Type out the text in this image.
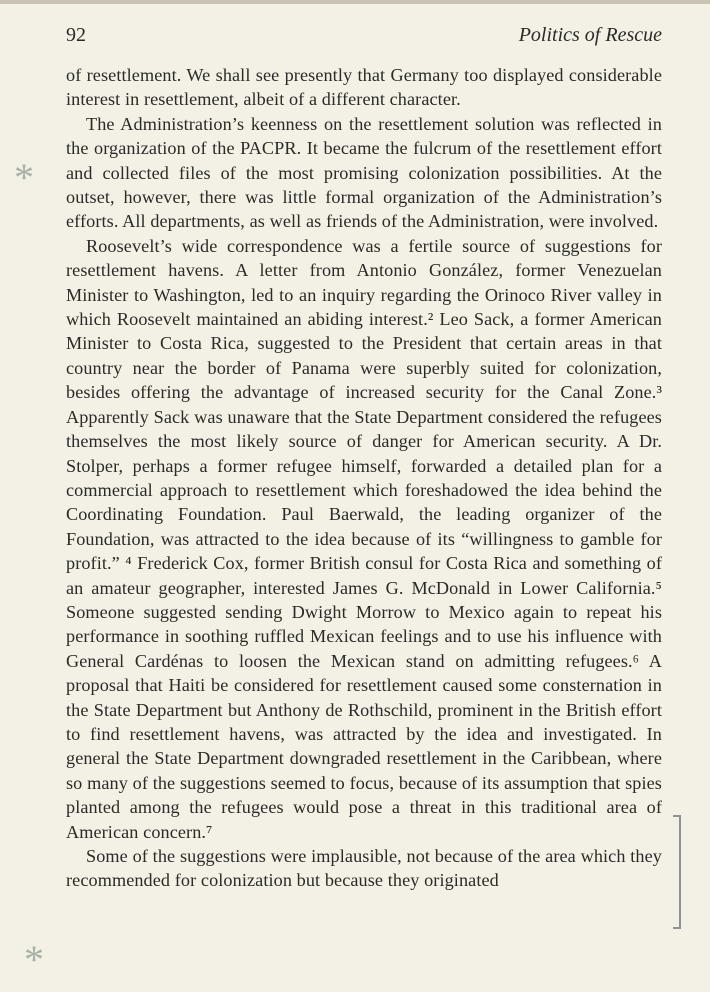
92	Politics of Rescue

of resettlement. We shall see presently that Germany too displayed considerable interest in resettlement, albeit of a different character.

The Administration’s keenness on the resettlement solution was reflected in the organization of the PACPR. It became the fulcrum of the resettlement effort and collected files of the most promising colonization possibilities. At the outset, however, there was little formal organization of the Administration’s efforts. All departments, as well as friends of the Administration, were involved.

Roosevelt’s wide correspondence was a fertile source of suggestions for resettlement havens. A letter from Antonio González, former Venezuelan Minister to Washington, led to an inquiry regarding the Orinoco River valley in which Roosevelt maintained an abiding interest.² Leo Sack, a former American Minister to Costa Rica, suggested to the President that certain areas in that country near the border of Panama were superbly suited for colonization, besides offering the advantage of increased security for the Canal Zone.³ Apparently Sack was unaware that the State Department considered the refugees themselves the most likely source of danger for American security. A Dr. Stolper, perhaps a former refugee himself, forwarded a detailed plan for a commercial approach to resettlement which foreshadowed the idea behind the Coordinating Foundation. Paul Baerwald, the leading organizer of the Foundation, was attracted to the idea because of its “willingness to gamble for profit.” ⁴ Frederick Cox, former British consul for Costa Rica and something of an amateur geographer, interested James G. McDonald in Lower California.⁵ Someone suggested sending Dwight Morrow to Mexico again to repeat his performance in soothing ruffled Mexican feelings and to use his influence with General Cardénas to loosen the Mexican stand on admitting refugees.⁶ A proposal that Haiti be considered for resettlement caused some consternation in the State Department but Anthony de Rothschild, prominent in the British effort to find resettlement havens, was attracted by the idea and investigated. In general the State Department downgraded resettlement in the Caribbean, where so many of the suggestions seemed to focus, because of its assumption that spies planted among the refugees would pose a threat in this traditional area of American concern.⁷

Some of the suggestions were implausible, not because of the area which they recommended for colonization but because they originated

*
*
